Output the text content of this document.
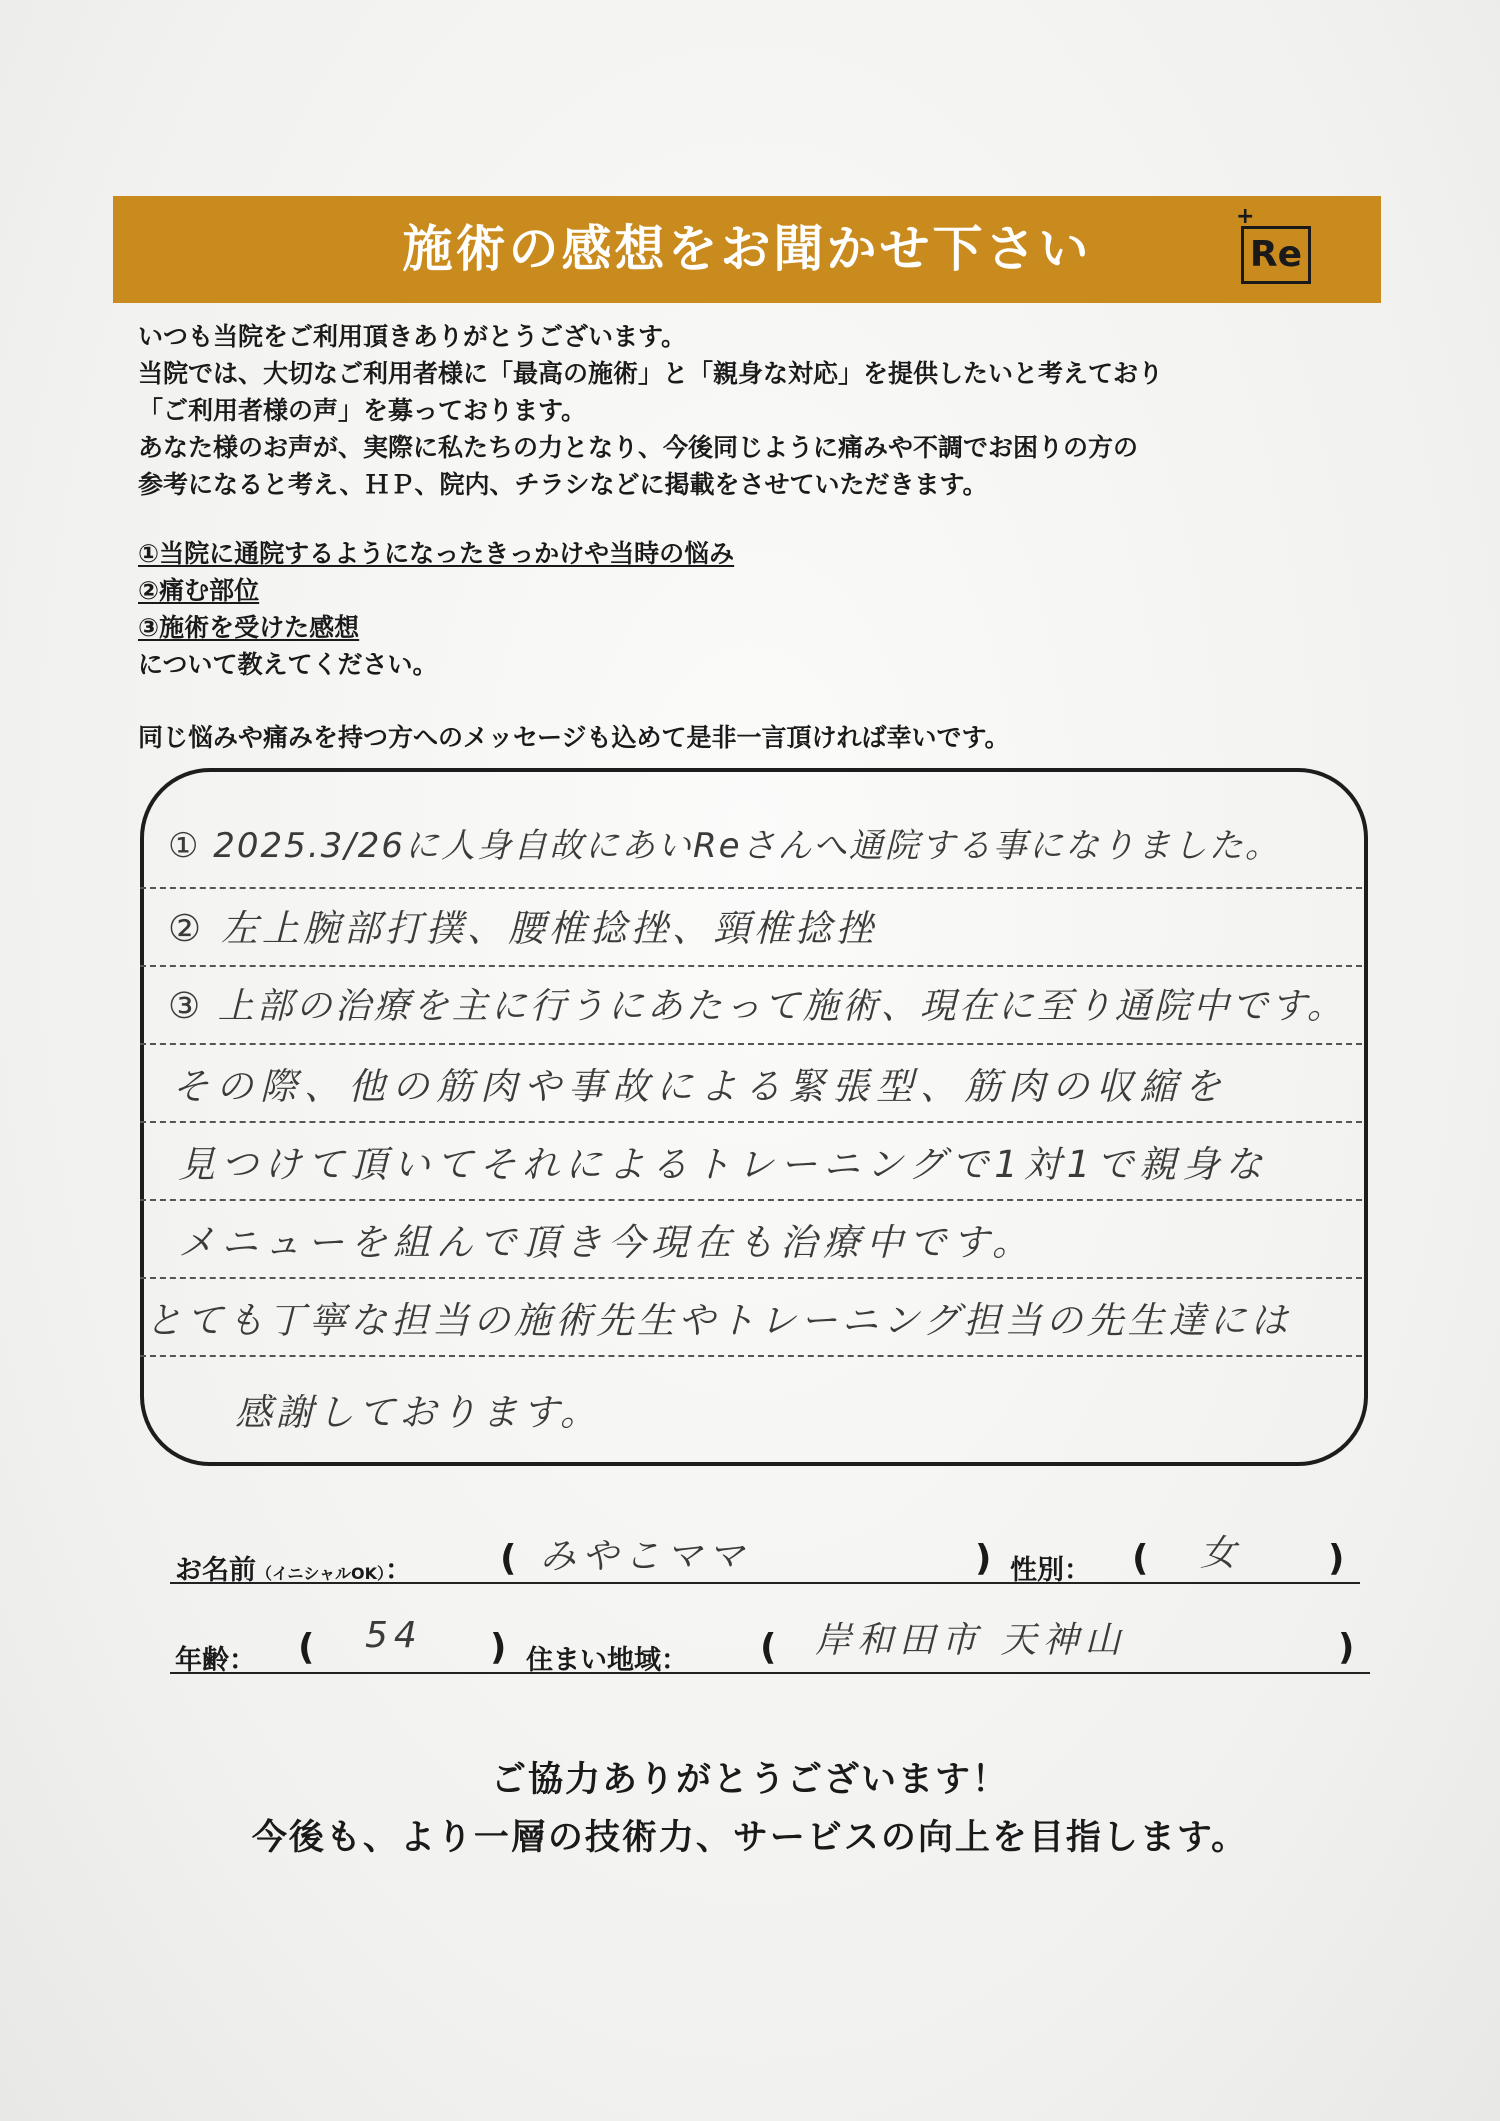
施術の感想をお聞かせ下さい
+
Re
いつも当院をご利用頂きありがとうございます。
当院では、大切なご利用者様に「最高の施術」と「親身な対応」を提供したいと考えており
「ご利用者様の声」を募っております。
あなた様のお声が、実際に私たちの力となり、今後同じように痛みや不調でお困りの方の
参考になると考え、ＨＰ、院内、チラシなどに掲載をさせていただきます。
①当院に通院するようになったきっかけや当時の悩み
②痛む部位
③施術を受けた感想
について教えてください。
同じ悩みや痛みを持つ方へのメッセージも込めて是非一言頂ければ幸いです。
① 2025.3/26に人身自故にあいReさんへ通院する事になりました。
② 左上腕部打撲、腰椎捻挫、頸椎捻挫
③ 上部の治療を主に行うにあたって施術、現在に至り通院中です。
その際、他の筋肉や事故による緊張型、筋肉の収縮を
見つけて頂いてそれによるトレーニングで1対1で親身な
メニューを組んで頂き今現在も治療中です。
とても丁寧な担当の施術先生やトレーニング担当の先生達には
感謝しております。
お名前（イニシャルOK）： ( みやこママ	) 性別： ( 女 )
年齢： ( 54 ) 住まい地域： ( 岸和田市 天神山	)
ご協力ありがとうございます！
今後も、より一層の技術力、サービスの向上を目指します。
